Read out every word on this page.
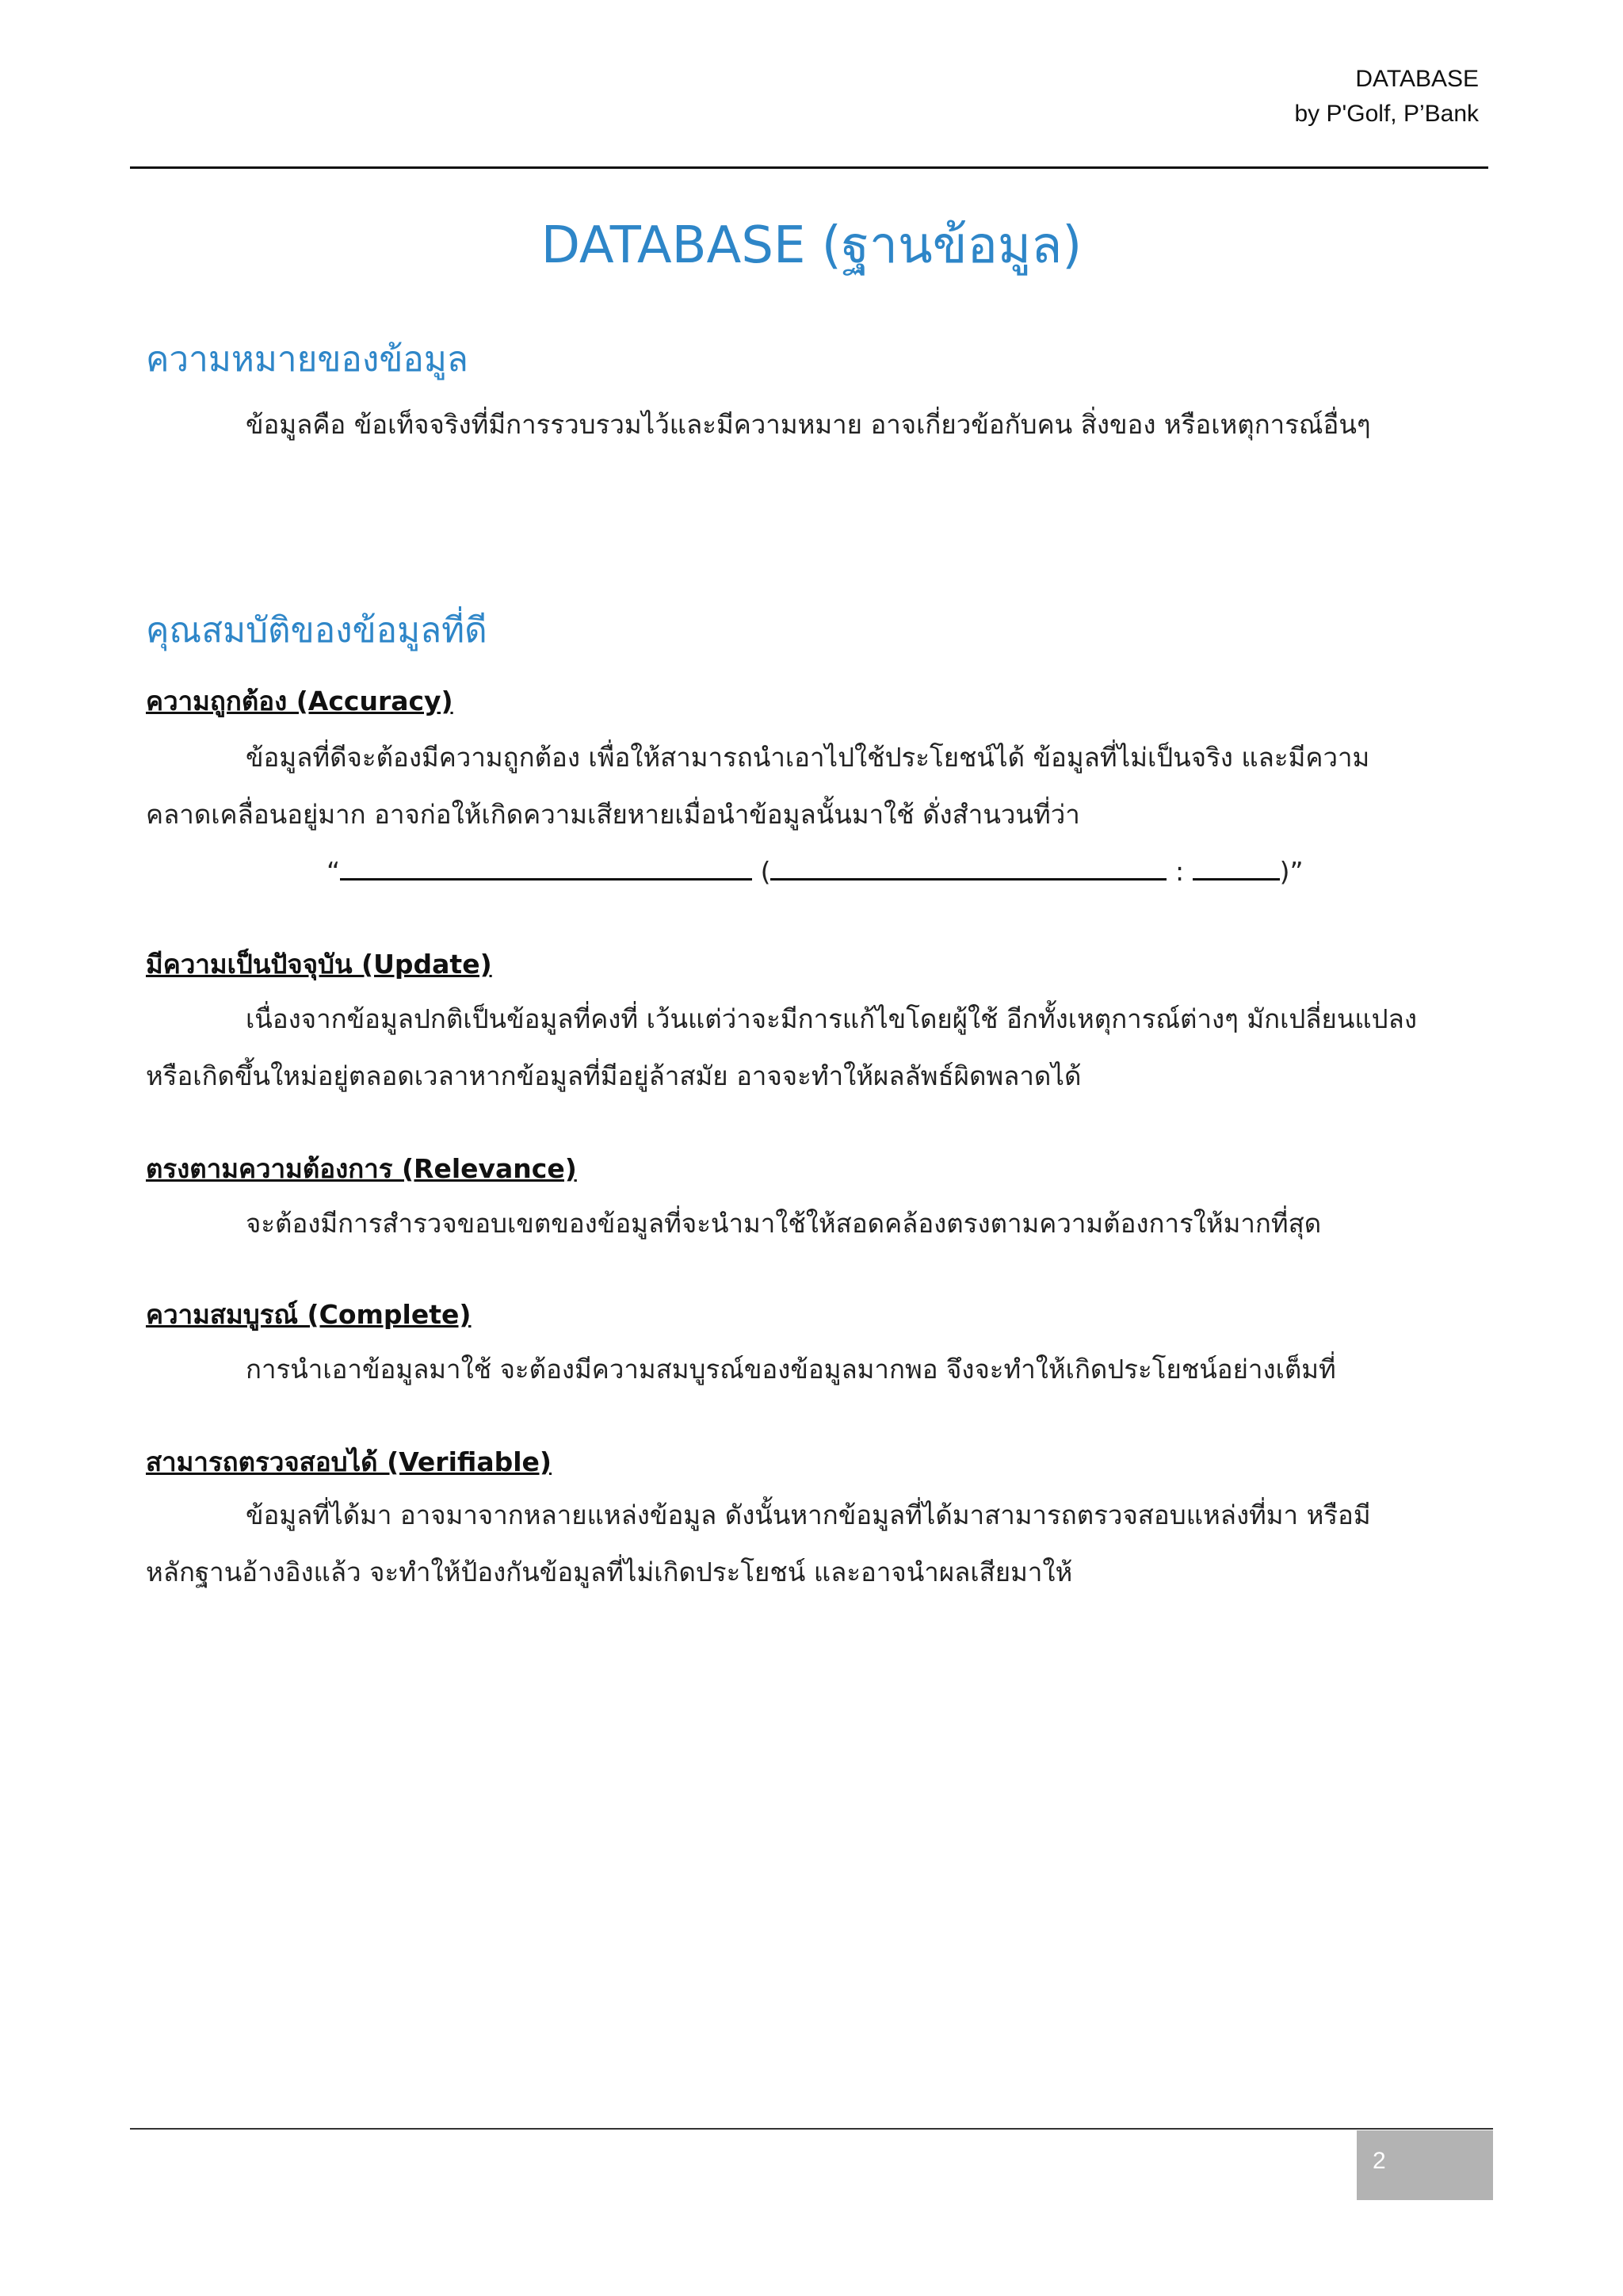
DATABASE
by P'Golf, P’Bank
DATABASE (ฐานข้อมูล)
ความหมายของข้อมูล

ข้อมูลคือ ข้อเท็จจริงที่มีการรวบรวมไว้และมีความหมาย อาจเกี่ยวข้อกับคน สิ่งของ หรือเหตุการณ์อื่นๆ

คุณสมบัติของข้อมูลที่ดี
ความถูกต้อง (Accuracy)

ข้อมูลที่ดีจะต้องมีความถูกต้อง เพื่อให้สามารถนำเอาไปใช้ประโยชน์ได้ ข้อมูลที่ไม่เป็นจริง และมีความ
คลาดเคลื่อนอยู่มาก อาจก่อให้เกิดความเสียหายเมื่อนำข้อมูลนั้นมาใช้ ดั่งสำนวนที่ว่า

“	(	:	)”
มีความเป็นปัจจุบัน (Update)

เนื่องจากข้อมูลปกติเป็นข้อมูลที่คงที่ เว้นแต่ว่าจะมีการแก้ไขโดยผู้ใช้ อีกทั้งเหตุการณ์ต่างๆ มักเปลี่ยนแปลง
หรือเกิดขึ้นใหม่อยู่ตลอดเวลาหากข้อมูลที่มีอยู่ล้าสมัย อาจจะทำให้ผลลัพธ์ผิดพลาดได้

ตรงตามความต้องการ (Relevance)

จะต้องมีการสำรวจขอบเขตของข้อมูลที่จะนำมาใช้ให้สอดคล้องตรงตามความต้องการให้มากที่สุด

ความสมบูรณ์ (Complete)

การนำเอาข้อมูลมาใช้ จะต้องมีความสมบูรณ์ของข้อมูลมากพอ จึงจะทำให้เกิดประโยชน์อย่างเต็มที่

สามารถตรวจสอบได้ (Verifiable)

ข้อมูลที่ได้มา อาจมาจากหลายแหล่งข้อมูล ดังนั้นหากข้อมูลที่ได้มาสามารถตรวจสอบแหล่งที่มา หรือมี
หลักฐานอ้างอิงแล้ว จะทำให้ป้องกันข้อมูลที่ไม่เกิดประโยชน์ และอาจนำผลเสียมาให้

2
